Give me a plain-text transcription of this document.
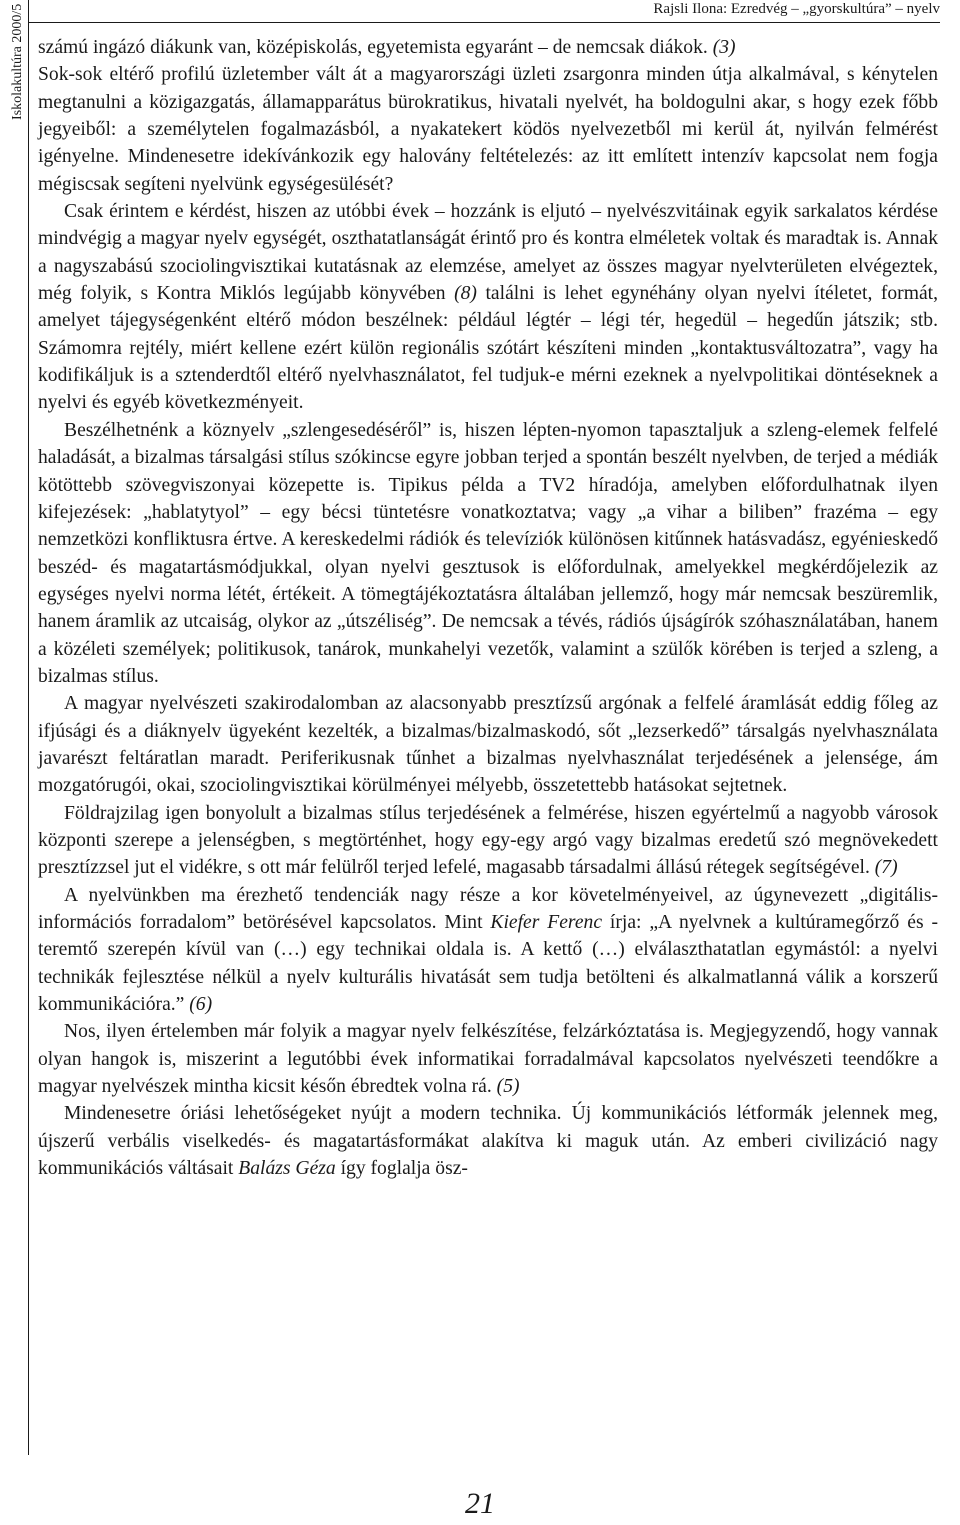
Rajsli Ilona: Ezredvég – „gyorskultúra” – nyelv
Iskolakultúra 2000/5 számú ingázó diákunk van, középiskolás, egyetemista egyaránt – de nemcsak diákok. (3)

Sok-sok eltérő profilú üzletember vált át a magyarországi üzleti zsargonra minden útja alkalmával, s kénytelen megtanulni a közigazgatás, államapparátus bürokratikus, hivatali nyelvét, ha boldogulni akar, s hogy ezek főbb jegyeiből: a személytelen fogalmazásból, a nyakatekert ködös nyelvezetből mi kerül át, nyilván felmérést igényelne. Mindenesetre idekívánkozik egy halovány feltételezés: az itt említett intenzív kapcsolat nem fogja mégiscsak segíteni nyelvünk egységesülését?

Csak érintem e kérdést, hiszen az utóbbi évek – hozzánk is eljutó – nyelvészvitáinak egyik sarkalatos kérdése mindvégig a magyar nyelv egységét, oszthatatlanságát érintő pro és kontra elméletek voltak és maradtak is. Annak a nagyszabású szociolingvisztikai kutatásnak az elemzése, amelyet az összes magyar nyelvterületen elvégeztek, még folyik, s Kontra Miklós legújabb könyvében (8) találni is lehet egynéhány olyan nyelvi ítéletet, formát, amelyet tájegységenként eltérő módon beszélnek: például légtér – légi tér, hegedül – hegedűn játszik; stb. Számomra rejtély, miért kellene ezért külön regionális szótárt készíteni minden „kontaktusváltozatra”, vagy ha kodifikáljuk is a sztenderdtől eltérő nyelvhasználatot, fel tudjuk-e mérni ezeknek a nyelvpolitikai döntéseknek a nyelvi és egyéb következményeit.

Beszélhetnénk a köznyelv „szlengesedéséről” is, hiszen lépten-nyomon tapasztaljuk a szleng-elemek felfelé haladását, a bizalmas társalgási stílus szókincse egyre jobban terjed a spontán beszélt nyelvben, de terjed a médiák kötöttebb szövegviszonyai közepette is. Tipikus példa a TV2 híradója, amelyben előfordulhatnak ilyen kifejezések: „hablatytyol” – egy bécsi tüntetésre vonatkoztatva; vagy „a vihar a biliben” frazéma – egy nemzetközi konfliktusra értve. A kereskedelmi rádiók és televíziók különösen kitűnnek hatásvadász, egyénieskedő beszéd- és magatartásmódjukkal, olyan nyelvi gesztusok is előfordulnak, amelyekkel megkérdőjelezik az egységes nyelvi norma létét, értékeit. A tömegtájékoztatásra általában jellemző, hogy már nemcsak beszüremlik, hanem áramlik az utcaiság, olykor az „útszéliség”. De nemcsak a tévés, rádiós újságírók szóhasználatában, hanem a közéleti személyek; politikusok, tanárok, munkahelyi vezetők, valamint a szülők körében is terjed a szleng, a bizalmas stílus.

A magyar nyelvészeti szakirodalomban az alacsonyabb presztízsű argónak a felfelé áramlását eddig főleg az ifjúsági és a diáknyelv ügyeként kezelték, a bizalmas/bizalmaskodó, sőt „lezserkedő” társalgás nyelvhasználata javarészt feltáratlan maradt. Periferikusnak tűnhet a bizalmas nyelvhasználat terjedésének a jelensége, ám mozgatórugói, okai, szociolingvisztikai körülményei mélyebb, összetettebb hatásokat sejtetnek.

Földrajzilag igen bonyolult a bizalmas stílus terjedésének a felmérése, hiszen egyértelmű a nagyobb városok központi szerepe a jelenségben, s megtörténhet, hogy egy-egy argó vagy bizalmas eredetű szó megnövekedett presztízzsel jut el vidékre, s ott már felülről terjed lefelé, magasabb társadalmi állású rétegek segítségével. (7)

A nyelvünkben ma érezhető tendenciák nagy része a kor követelményeivel, az úgynevezett „digitális-információs forradalom” betörésével kapcsolatos. Mint Kiefer Ferenc írja: „A nyelvnek a kultúramegőrző és -teremtő szerepén kívül van (…) egy technikai oldala is. A kettő (…) elválaszthatatlan egymástól: a nyelvi technikák fejlesztése nélkül a nyelv kulturális hivatását sem tudja betölteni és alkalmatlanná válik a korszerű kommunikációra.” (6)

Nos, ilyen értelemben már folyik a magyar nyelv felkészítése, felzárkóztatása is. Megjegyzendő, hogy vannak olyan hangok is, miszerint a legutóbbi évek informatikai forradalmával kapcsolatos nyelvészeti teendőkre a magyar nyelvészek mintha kicsit későn ébredtek volna rá. (5)

Mindenesetre óriási lehetőségeket nyújt a modern technika. Új kommunikációs létformák jelennek meg, újszerű verbális viselkedés- és magatartásformákat alakítva ki maguk után. Az emberi civilizáció nagy kommunikációs váltásait Balázs Géza így foglalja ösz-

21
